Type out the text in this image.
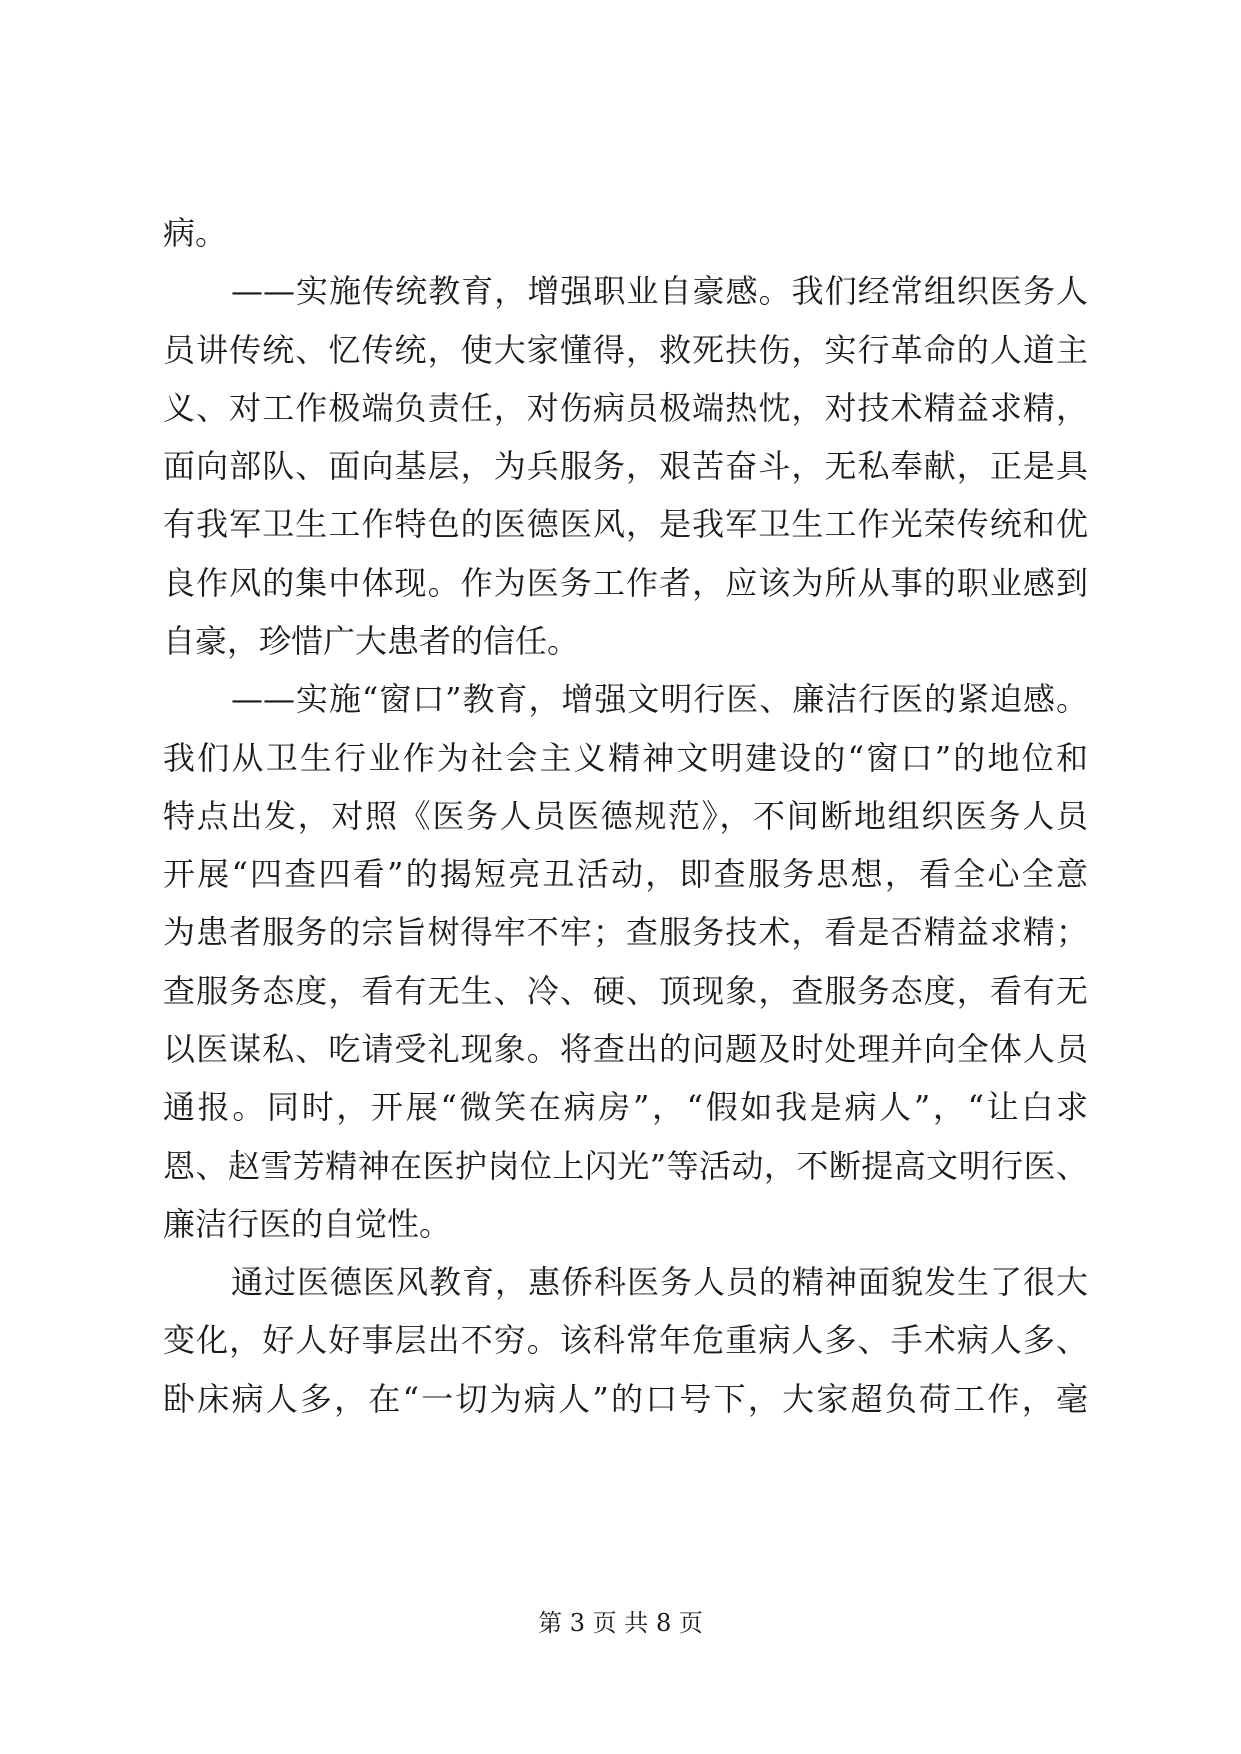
病。
——实施传统教育，增强职业自豪感。我们经常组织医务人
员讲传统、忆传统，使大家懂得，救死扶伤，实行革命的人道主
义、对工作极端负责任，对伤病员极端热忱，对技术精益求精，
面向部队、面向基层，为兵服务，艰苦奋斗，无私奉献，正是具
有我军卫生工作特色的医德医风，是我军卫生工作光荣传统和优
良作风的集中体现。作为医务工作者，应该为所从事的职业感到
自豪，珍惜广大患者的信任。
——实施“窗口”教育，增强文明行医、廉洁行医的紧迫感。
我们从卫生行业作为社会主义精神文明建设的“窗口”的地位和
特点出发，对照《医务人员医德规范》，不间断地组织医务人员
开展“四查四看”的揭短亮丑活动，即查服务思想，看全心全意
为患者服务的宗旨树得牢不牢；查服务技术，看是否精益求精；
查服务态度，看有无生、冷、硬、顶现象，查服务态度，看有无
以医谋私、吃请受礼现象。将查出的问题及时处理并向全体人员
通报。同时，开展“微笑在病房”，“假如我是病人”，“让白求
恩、赵雪芳精神在医护岗位上闪光”等活动，不断提高文明行医、
廉洁行医的自觉性。
通过医德医风教育，惠侨科医务人员的精神面貌发生了很大
变化，好人好事层出不穷。该科常年危重病人多、手术病人多、
卧床病人多，在“一切为病人”的口号下，大家超负荷工作，毫
第 3 页 共 8 页
